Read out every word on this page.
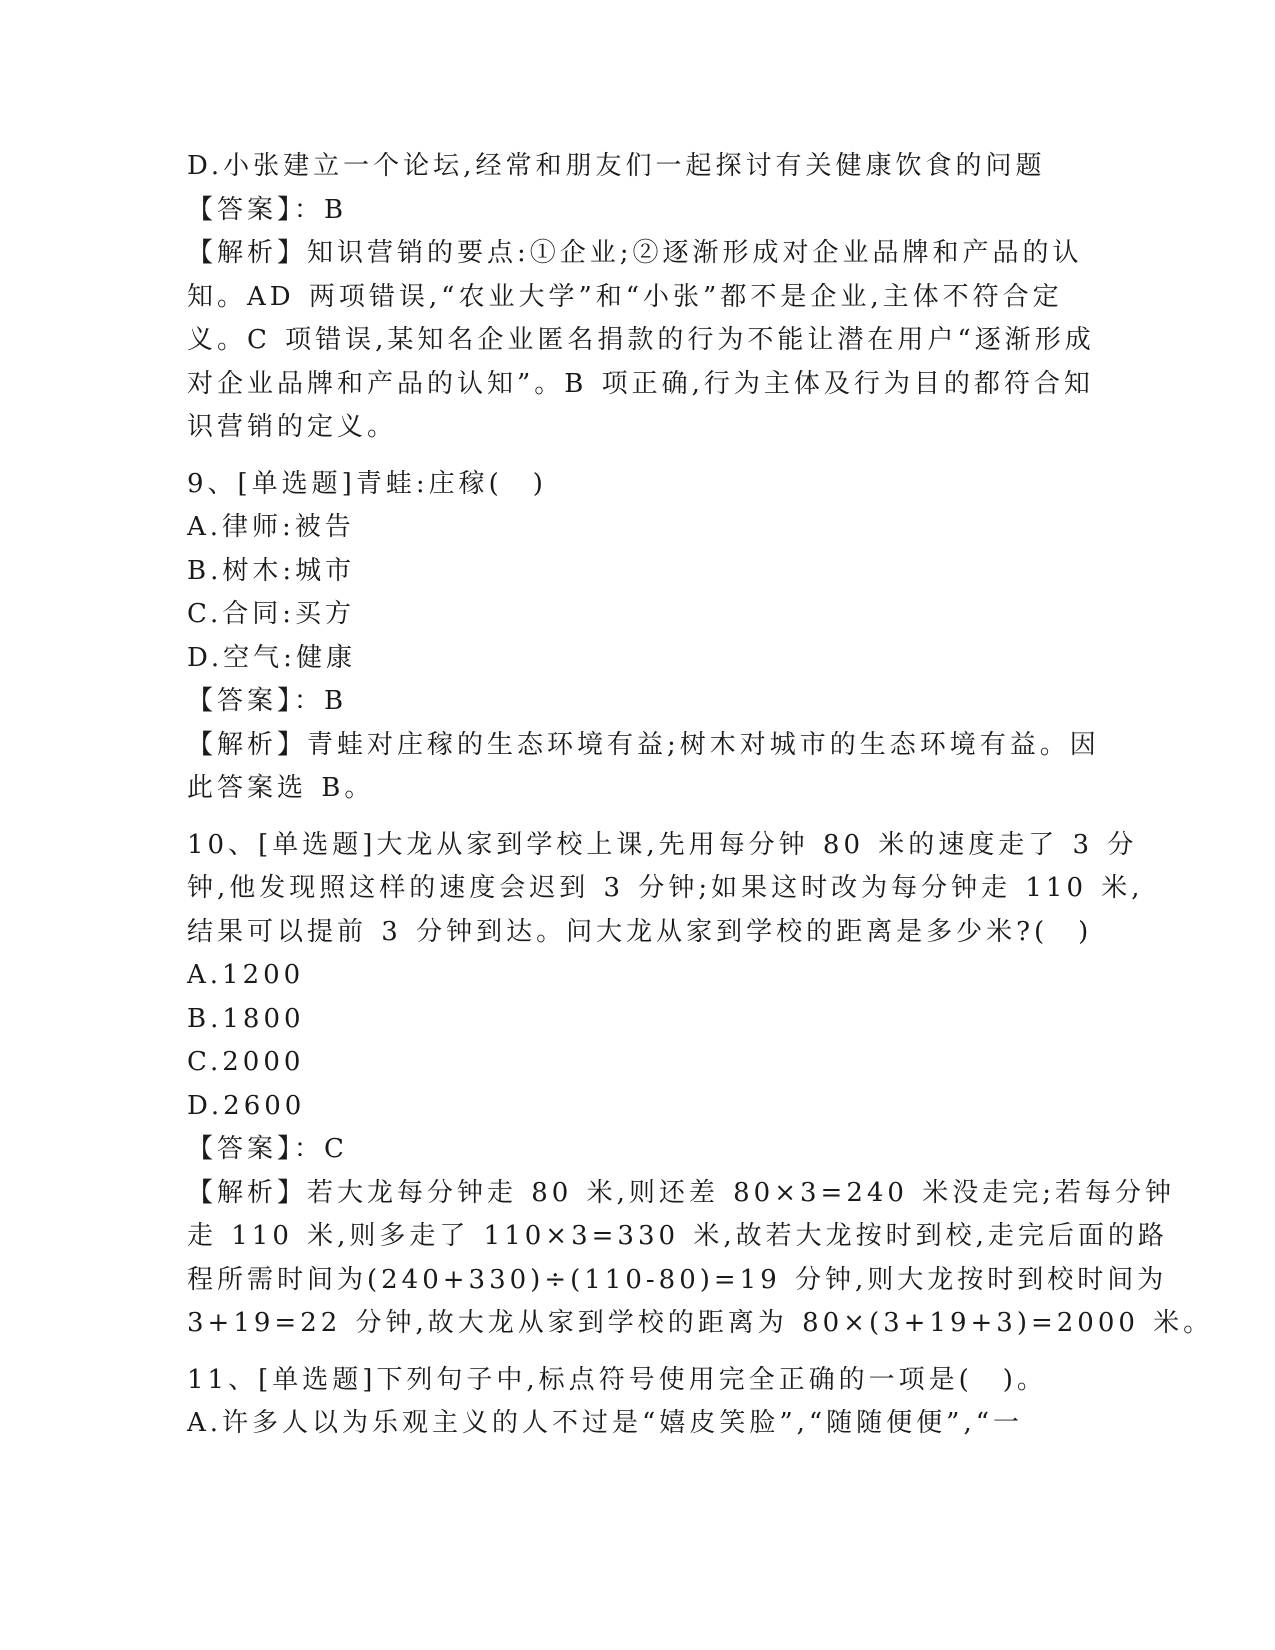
D.小张建立一个论坛,经常和朋友们一起探讨有关健康饮食的问题
【答案】：B
【解析】知识营销的要点:①企业;②逐渐形成对企业品牌和产品的认
知。AD 两项错误,“农业大学”和“小张”都不是企业,主体不符合定
义。C 项错误,某知名企业匿名捐款的行为不能让潜在用户“逐渐形成
对企业品牌和产品的认知”。B 项正确,行为主体及行为目的都符合知
识营销的定义。
9、[单选题]青蛙:庄稼(　)
A.律师:被告
B.树木:城市
C.合同:买方
D.空气:健康
【答案】：B
【解析】青蛙对庄稼的生态环境有益;树木对城市的生态环境有益。因
此答案选 B。
10、[单选题]大龙从家到学校上课,先用每分钟 80 米的速度走了 3 分
钟,他发现照这样的速度会迟到 3 分钟;如果这时改为每分钟走 110 米,
结果可以提前 3 分钟到达。问大龙从家到学校的距离是多少米?(　)
A.1200
B.1800
C.2000
D.2600
【答案】：C
【解析】若大龙每分钟走 80 米,则还差 80×3=240 米没走完;若每分钟
走 110 米,则多走了 110×3=330 米,故若大龙按时到校,走完后面的路
程所需时间为(240+330)÷(110-80)=19 分钟,则大龙按时到校时间为
3+19=22 分钟,故大龙从家到学校的距离为 80×(3+19+3)=2000 米。
11、[单选题]下列句子中,标点符号使用完全正确的一项是(　)。
A.许多人以为乐观主义的人不过是“嬉皮笑脸”,“随随便便”,“一
